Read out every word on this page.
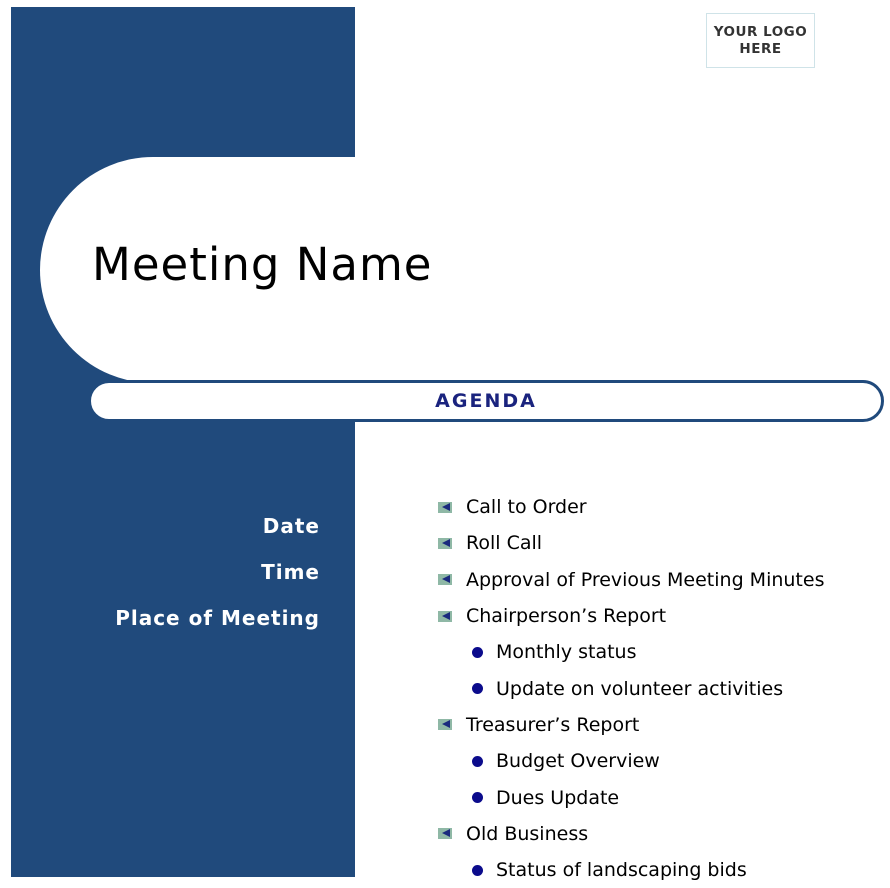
YOUR LOGO
HERE
Meeting Name
AGENDA
Date
Time
Place of Meeting
Call to Order
Roll Call
Approval of Previous Meeting Minutes
Chairperson’s Report
Monthly status
Update on volunteer activities
Treasurer’s Report
Budget Overview
Dues Update
Old Business
Status of landscaping bids
